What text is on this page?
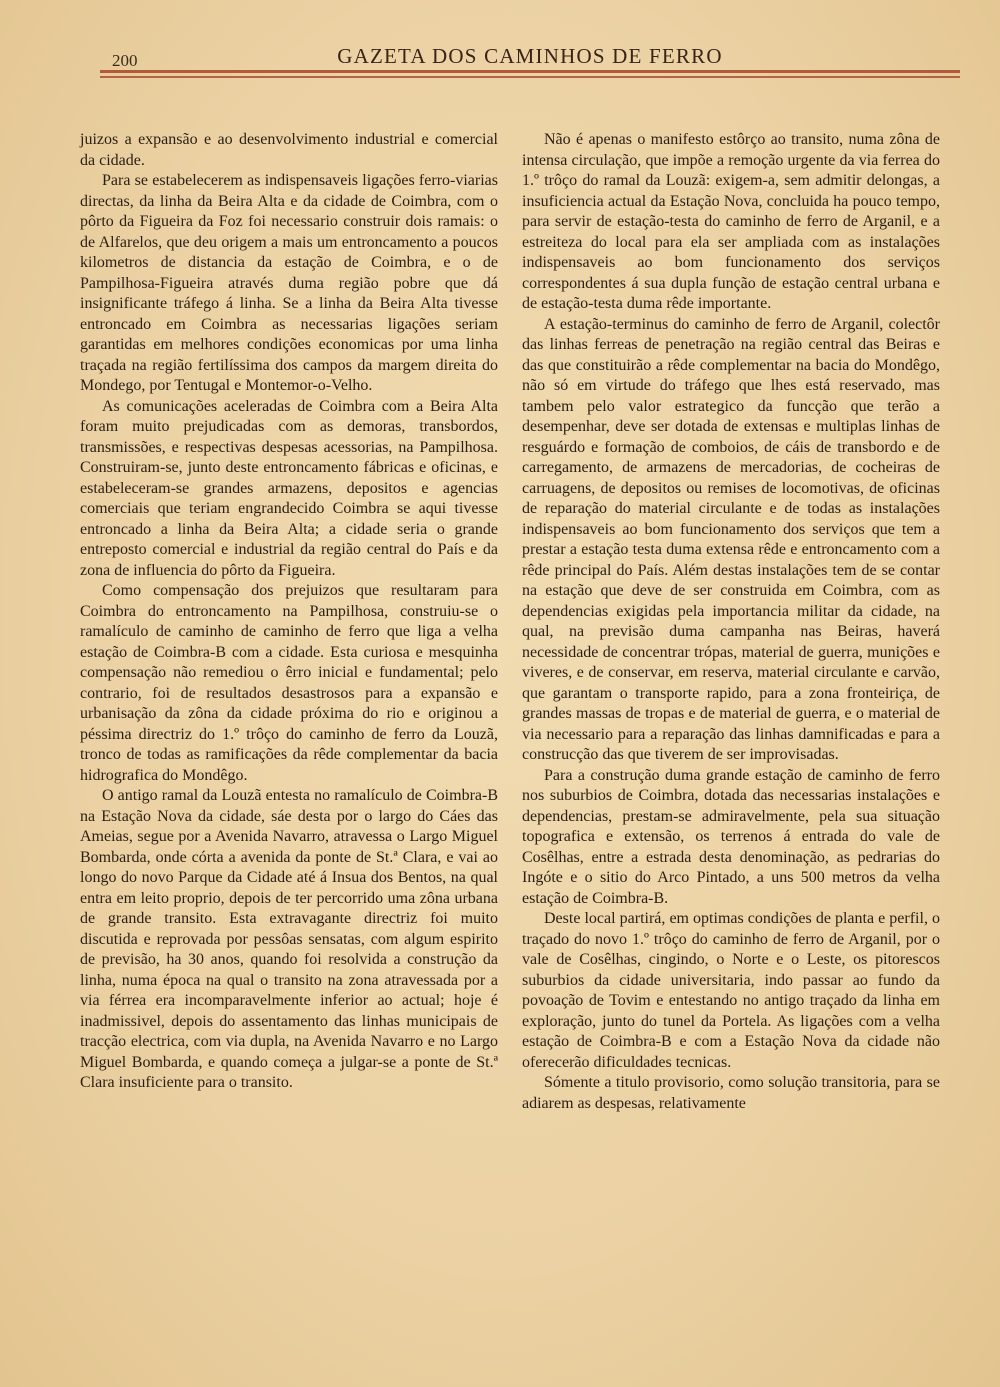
200	GAZETA DOS CAMINHOS DE FERRO

juizos a expansão e ao desenvolvimento industrial e comercial da cidade.

Para se estabelecerem as indispensaveis ligações ferro-viarias directas, da linha da Beira Alta e da cidade de Coimbra, com o pôrto da Figueira da Foz foi necessario construir dois ramais: o de Alfarelos, que deu origem a mais um entroncamento a poucos kilometros de distancia da estação de Coimbra, e o de Pampilhosa-Figueira através duma região pobre que dá insignificante tráfego á linha. Se a linha da Beira Alta tivesse entroncado em Coimbra as necessarias ligações seriam garantidas em melhores condições economicas por uma linha traçada na região fertilíssima dos campos da margem direita do Mondego, por Tentugal e Montemor-o-Velho.

As comunicações aceleradas de Coimbra com a Beira Alta foram muito prejudicadas com as demoras, transbordos, transmissões, e respectivas despesas acessorias, na Pampilhosa. Construiram-se, junto deste entroncamento fábricas e oficinas, e estabeleceram-se grandes armazens, depositos e agencias comerciais que teriam engrandecido Coimbra se aqui tivesse entroncado a linha da Beira Alta; a cidade seria o grande entreposto comercial e industrial da região central do País e da zona de influencia do pôrto da Figueira.

Como compensação dos prejuizos que resultaram para Coimbra do entroncamento na Pampilhosa, construiu-se o ramalículo de caminho de caminho de ferro que liga a velha estação de Coimbra-B com a cidade. Esta curiosa e mesquinha compensação não remediou o êrro inicial e fundamental; pelo contrario, foi de resultados desastrosos para a expansão e urbanisação da zôna da cidade próxima do rio e originou a péssima directriz do 1.º trôço do caminho de ferro da Louzã, tronco de todas as ramificações da rêde complementar da bacia hidrografica do Mondêgo.

O antigo ramal da Louzã entesta no ramalículo de Coimbra-B na Estação Nova da cidade, sáe desta por o largo do Cáes das Ameias, segue por a Avenida Navarro, atravessa o Largo Miguel Bombarda, onde córta a avenida da ponte de St.ª Clara, e vai ao longo do novo Parque da Cidade até á Insua dos Bentos, na qual entra em leito proprio, depois de ter percorrido uma zôna urbana de grande transito. Esta extravagante directriz foi muito discutida e reprovada por pessôas sensatas, com algum espirito de previsão, ha 30 anos, quando foi resolvida a construção da linha, numa época na qual o transito na zona atravessada por a via férrea era incomparavelmente inferior ao actual; hoje é inadmissivel, depois do assentamento das linhas municipais de tracção electrica, com via dupla, na Avenida Navarro e no Largo Miguel Bombarda, e quando começa a julgar-se a ponte de St.ª Clara insuficiente para o transito.

Não é apenas o manifesto estôrço ao transito, numa zôna de intensa circulação, que impõe a remoção urgente da via ferrea do 1.º trôço do ramal da Louzã: exigem-a, sem admitir delongas, a insuficiencia actual da Estação Nova, concluida ha pouco tempo, para servir de estação-testa do caminho de ferro de Arganil, e a estreiteza do local para ela ser ampliada com as instalações indispensaveis ao bom funcionamento dos serviços correspondentes á sua dupla função de estação central urbana e de estação-testa duma rêde importante.

A estação-terminus do caminho de ferro de Arganil, colectôr das linhas ferreas de penetração na região central das Beiras e das que constituirão a rêde complementar na bacia do Mondêgo, não só em virtude do tráfego que lhes está reservado, mas tambem pelo valor estrategico da funcção que terão a desempenhar, deve ser dotada de extensas e multiplas linhas de resguárdo e formação de comboios, de cáis de transbordo e de carregamento, de armazens de mercadorias, de cocheiras de carruagens, de depositos ou remises de locomotivas, de oficinas de reparação do material circulante e de todas as instalações indispensaveis ao bom funcionamento dos serviços que tem a prestar a estação testa duma extensa rêde e entroncamento com a rêde principal do País. Além destas instalações tem de se contar na estação que deve de ser construida em Coimbra, com as dependencias exigidas pela importancia militar da cidade, na qual, na previsão duma campanha nas Beiras, haverá necessidade de concentrar trópas, material de guerra, munições e viveres, e de conservar, em reserva, material circulante e carvão, que garantam o transporte rapido, para a zona fronteiriça, de grandes massas de tropas e de material de guerra, e o material de via necessario para a reparação das linhas damnificadas e para a construcção das que tiverem de ser improvisadas.

Para a construção duma grande estação de caminho de ferro nos suburbios de Coimbra, dotada das necessarias instalações e dependencias, prestam-se admiravelmente, pela sua situação topografica e extensão, os terrenos á entrada do vale de Cosêlhas, entre a estrada desta denominação, as pedrarias do Ingóte e o sitio do Arco Pintado, a uns 500 metros da velha estação de Coimbra-B.

Deste local partirá, em optimas condições de planta e perfil, o traçado do novo 1.º trôço do caminho de ferro de Arganil, por o vale de Cosêlhas, cingindo, o Norte e o Leste, os pitorescos suburbios da cidade universitaria, indo passar ao fundo da povoação de Tovim e entestando no antigo traçado da linha em exploração, junto do tunel da Portela. As ligações com a velha estação de Coimbra-B e com a Estação Nova da cidade não oferecerão dificuldades tecnicas.

Sómente a titulo provisorio, como solução transitoria, para se adiarem as despesas, relativamente
